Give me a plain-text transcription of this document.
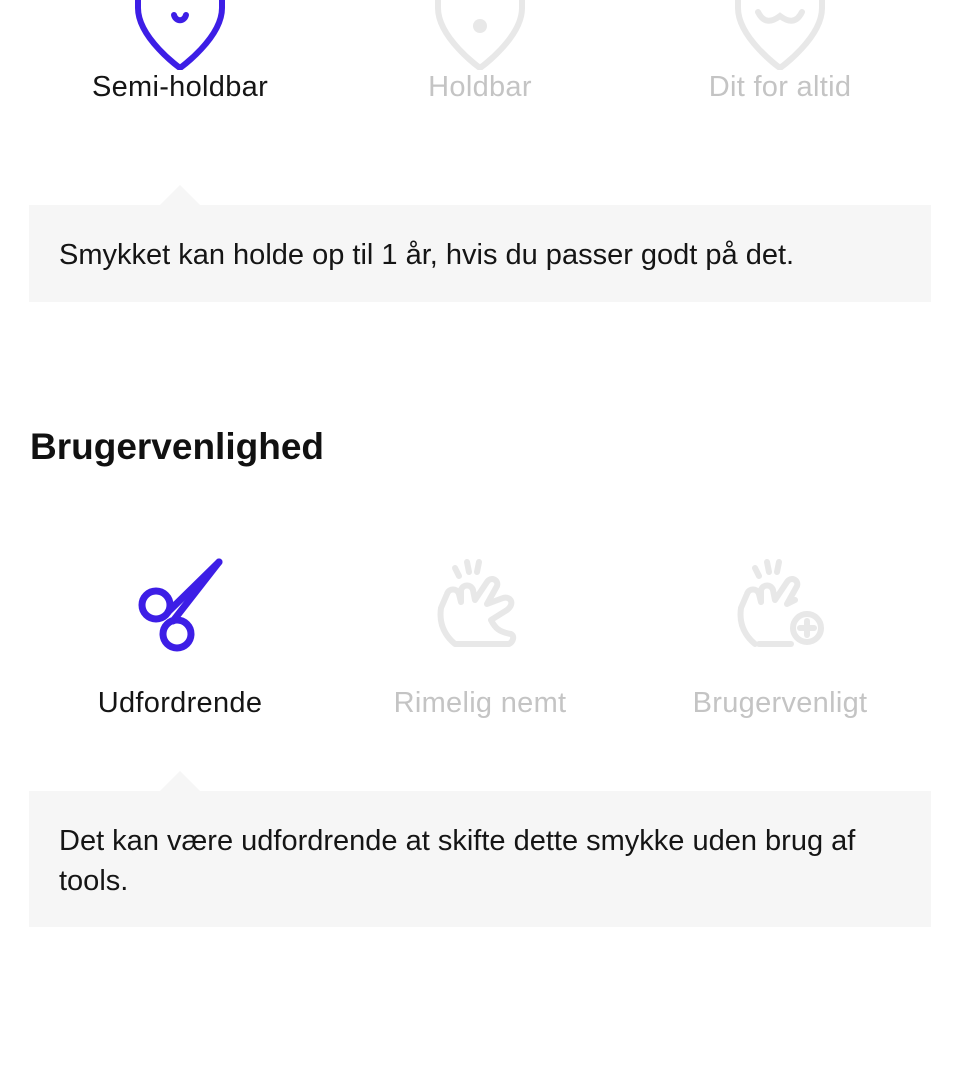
Semi-holdbar	Holdbar	Dit for altid
Smykket kan holde op til 1 år, hvis du passer godt på det.
Brugervenlighed
Udfordrende	Rimelig nemt	Brugervenligt
Det kan være udfordrende at skifte dette smykke uden brug af tools.
